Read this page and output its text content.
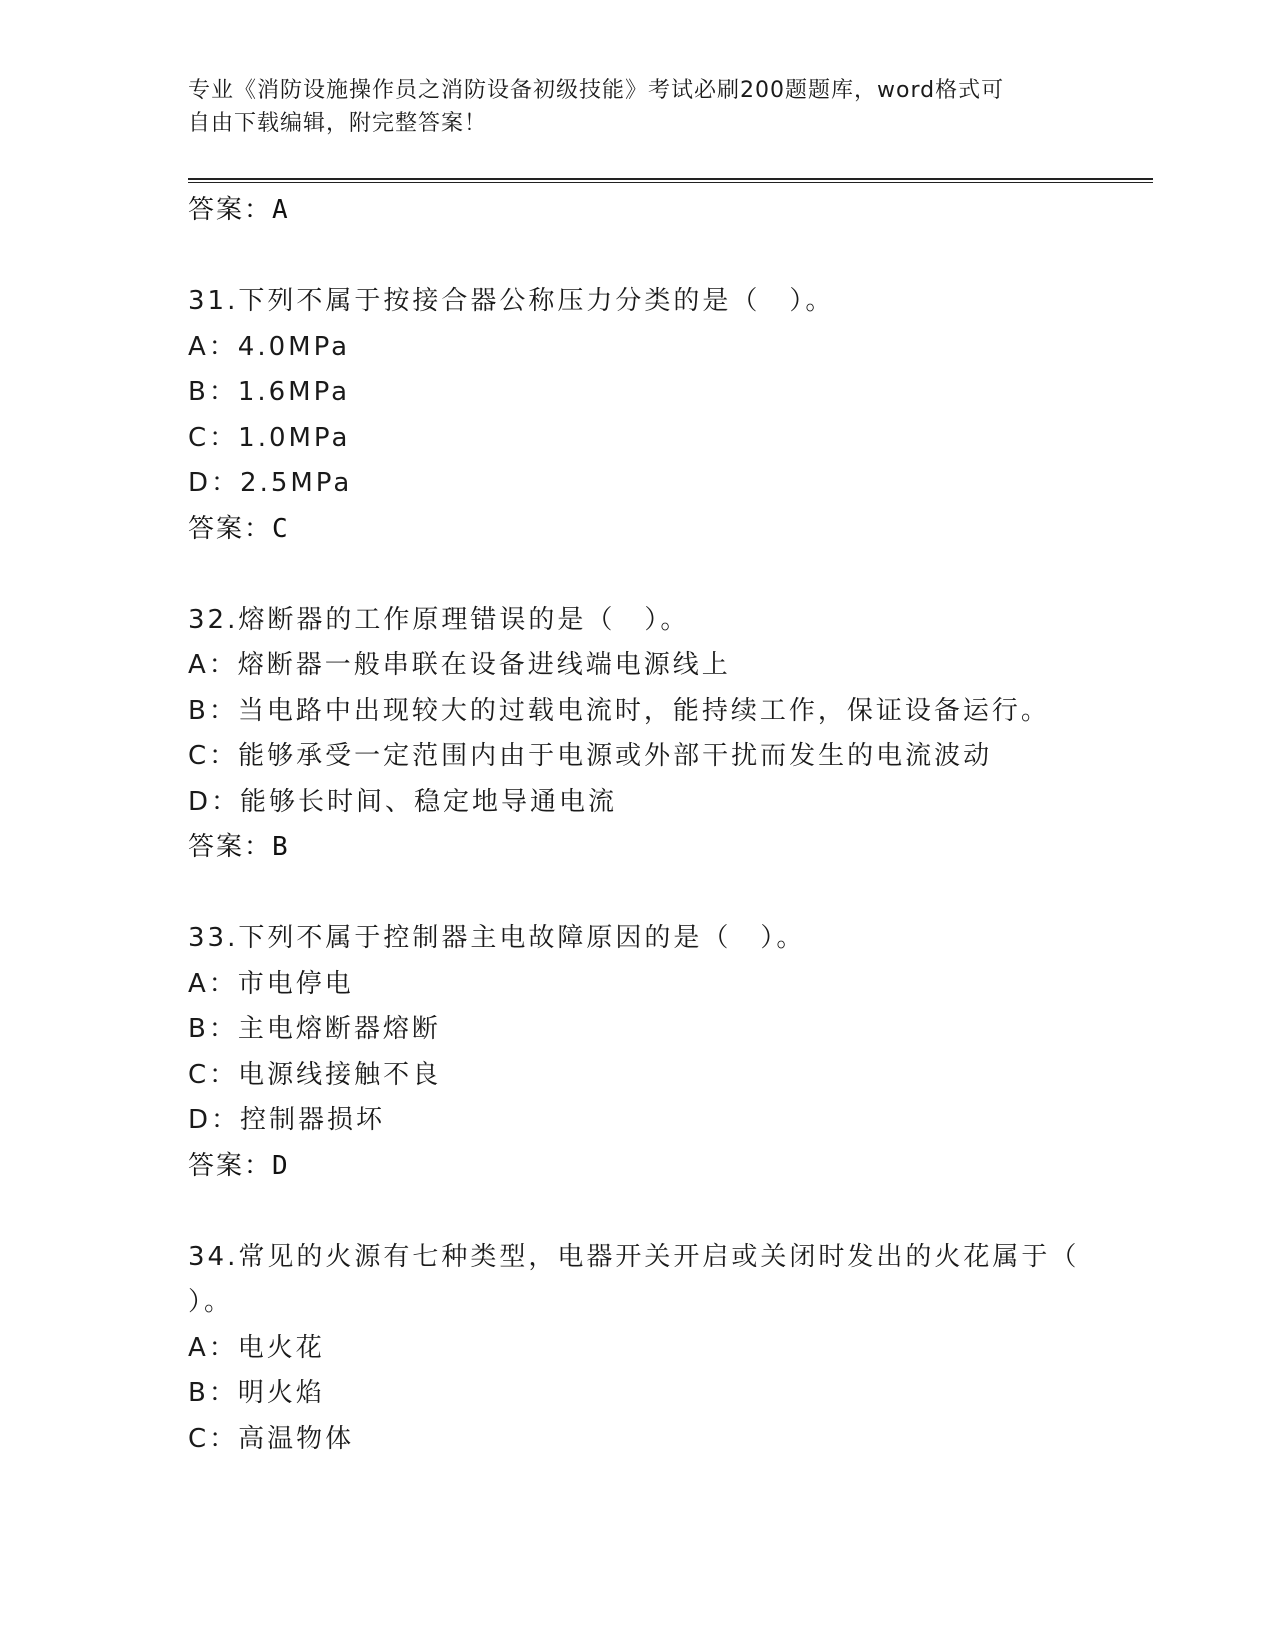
专业《消防设施操作员之消防设备初级技能》考试必刷200题题库，word格式可
自由下载编辑，附完整答案！
答案：A
31.下列不属于按接合器公称压力分类的是（　）。
A：4.0MPa
B：1.6MPa
C：1.0MPa
D：2.5MPa
答案：C
32.熔断器的工作原理错误的是（　）。
A：熔断器一般串联在设备进线端电源线上
B：当电路中出现较大的过载电流时，能持续工作，保证设备运行。
C：能够承受一定范围内由于电源或外部干扰而发生的电流波动
D：能够长时间、稳定地导通电流
答案：B
33.下列不属于控制器主电故障原因的是（　）。
A：市电停电
B：主电熔断器熔断
C：电源线接触不良
D：控制器损坏
答案：D
34.常见的火源有七种类型，电器开关开启或关闭时发出的火花属于（
）。
A：电火花
B：明火焰
C：高温物体
